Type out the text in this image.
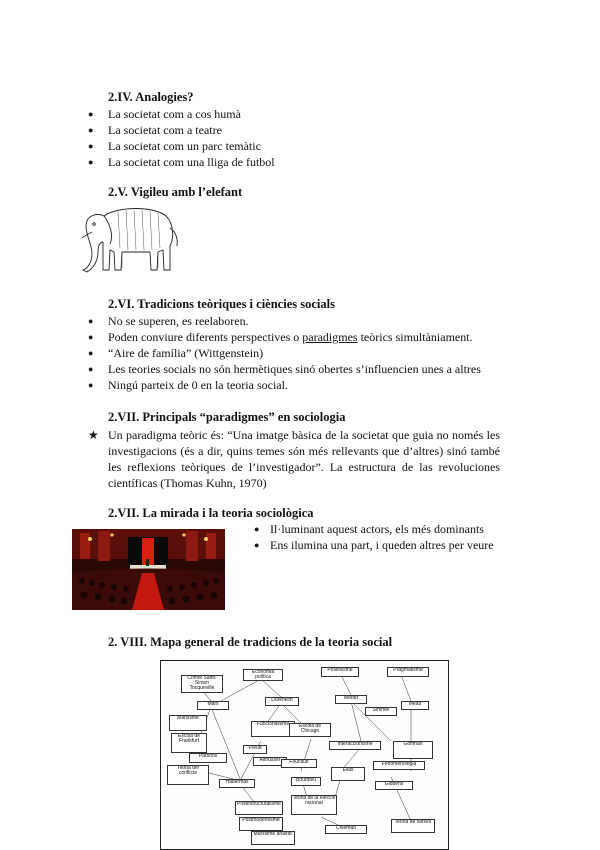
2.IV. Analogies?
● La societat com a cos humà
● La societat com a teatre
● La societat com un parc temàtic
● La societat com una lliga de futbol
2.V. Vigileu amb l’elefant
2.VI. Tradicions teòriques i ciències socials
● No se superen, es reelaboren.
● Poden conviure diferents perspectives o paradigmes teòrics simultàniament.
● “Aire de família” (Wittgenstein)
● Les teories socials no són hermètiques sinó obertes s’influencien unes a altres
● Ningú parteix de 0 en la teoria social.
2.VII. Principals “paradigmes” en sociologia
★ Un paradigma teòric és: “Una imatge bàsica de la societat que guia no només les investigacions (és a dir, quins temes són més rellevants que d’altres) sinó també les reflexions teòriques de l’investigador”. La estructura de las revoluciones científicas (Thomas Kuhn, 1970)
2.VII. La mirada i la teoria sociològica
● Il·luminant aquest actors, els més dominants
● Ens ilumina una part, i queden altres per veure
2. VIII. Mapa general de tradicions de la teoria social
Comte Saint-Simon Tocqueville
Economia política
Positivisme	Pragmatisme
Marx
Durkheim	Weber
Simmel
Mead
Marxisme
Funcionalisme
Escola de Frankfurt
Freud
Althusser
Parsons
Interaccionisme
Escola de Chicago
Goffman
Fenomenologia
Habermas	Bourdieu
Giddens
Foucault
Elias
Teoria de la elecció racional
Coleman
Teoria del conflicte
Postestructuralisme
Postmodernisme	Teoria de xarxes
Marxisme analític
